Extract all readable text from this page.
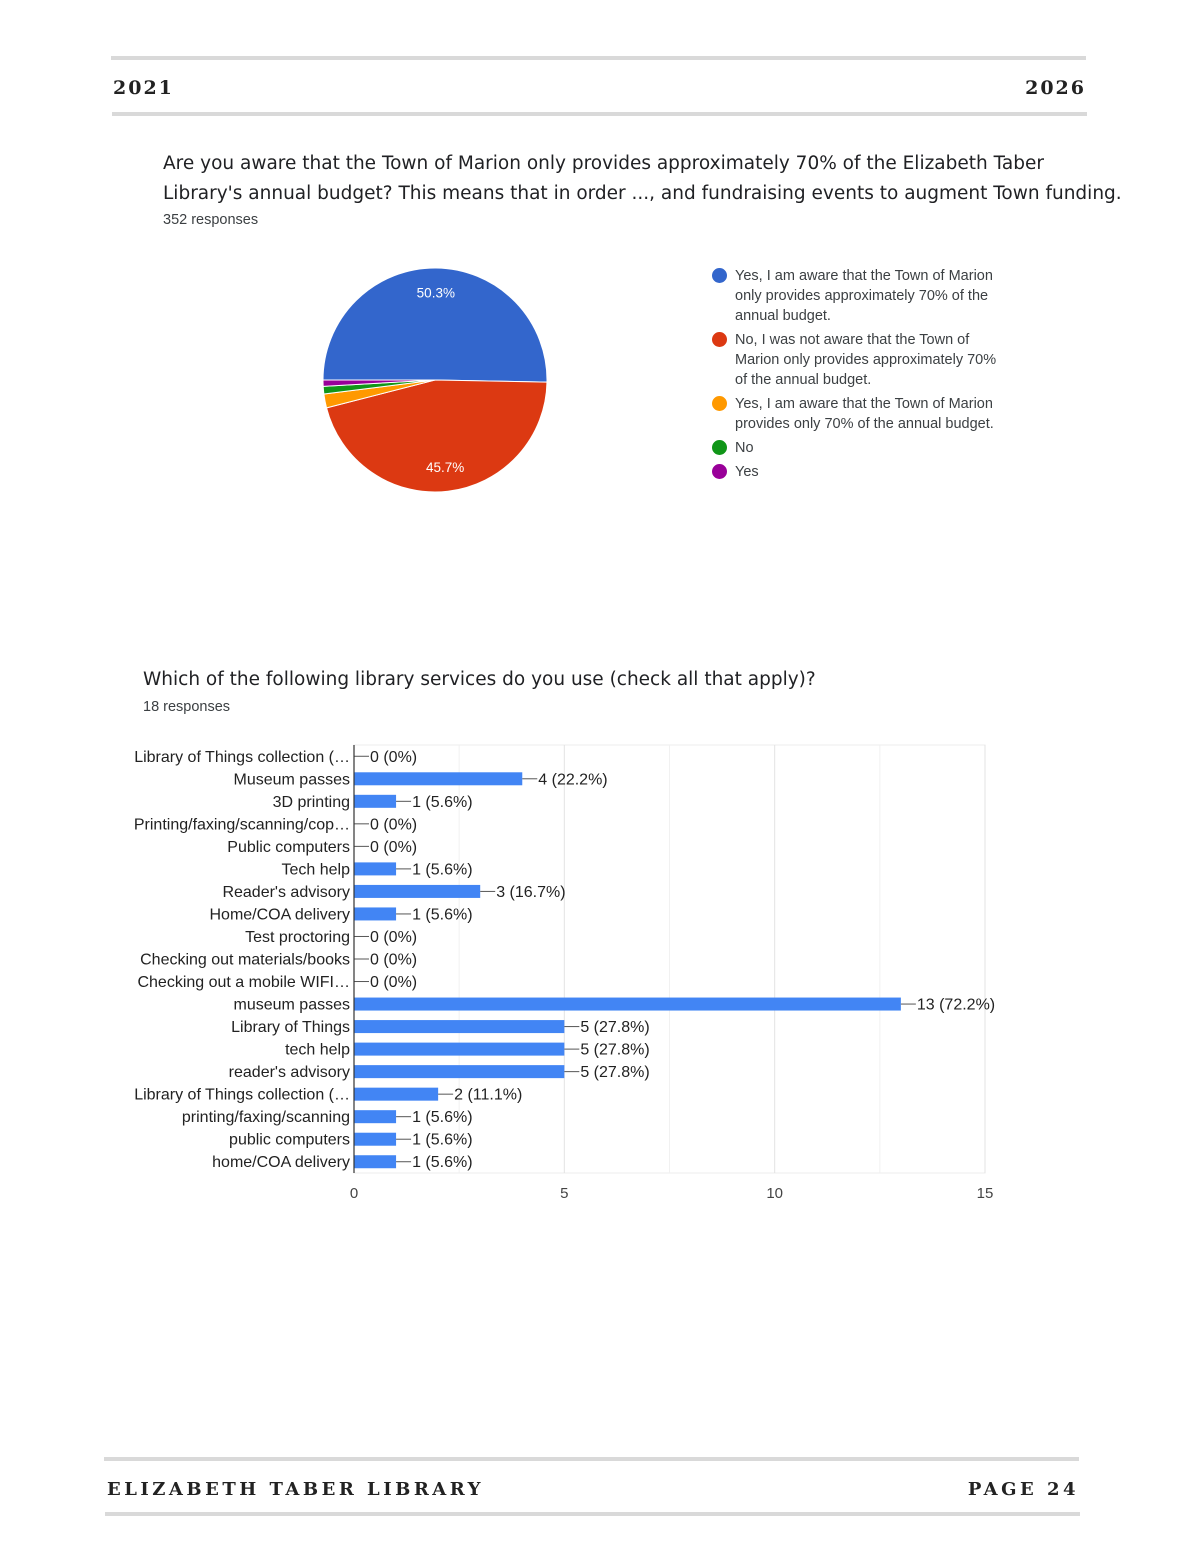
2021	2026
Are you aware that the Town of Marion only provides approximately 70% of the Elizabeth Taber
Library's annual budget? This means that in order ..., and fundraising events to augment Town funding.
352 responses
50.3%
45.7%
Yes, I am aware that the Town of Marion only provides approximately 70% of the annual budget.
No, I was not aware that the Town of Marion only provides approximately 70% of the annual budget.
Yes, I am aware that the Town of Marion provides only 70% of the annual budget.
No
Yes
Which of the following library services do you use (check all that apply)?
18 responses
0	5	10	15
Library of Things collection (… 0 (0%)
Museum passes	4 (22.2%)
3D printing	1 (5.6%)
Printing/faxing/scanning/cop… 0 (0%)
Public computers 0 (0%)
Tech help	1 (5.6%)
Reader's advisory	3 (16.7%)
Home/COA delivery	1 (5.6%)
Test proctoring 0 (0%)
Checking out materials/books 0 (0%)
Checking out a mobile WIFI… 0 (0%)
museum passes	13 (72.2%)
Library of Things	5 (27.8%)
tech help	5 (27.8%)
reader's advisory	5 (27.8%)
Library of Things collection (…	2 (11.1%)
printing/faxing/scanning	1 (5.6%)
public computers	1 (5.6%)
home/COA delivery	1 (5.6%)
ELIZABETH TABER LIBRARY	PAGE 24
